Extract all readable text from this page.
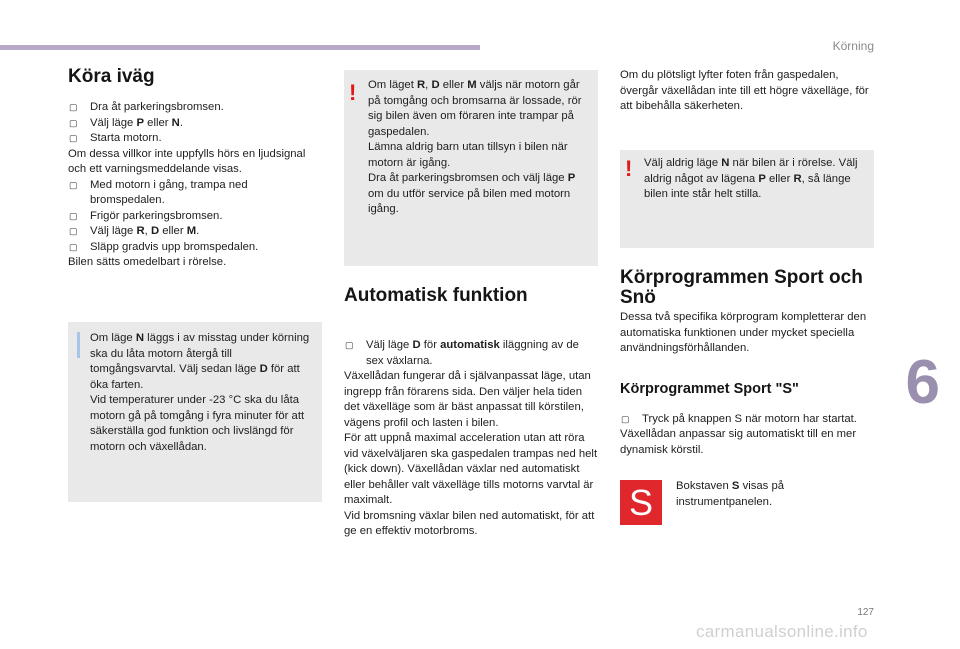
Körning
6
127
carmanualsonline.info
Köra iväg
▢ Dra åt parkeringsbromsen.
▢ Välj läge P eller N.
▢ Starta motorn.

Om dessa villkor inte uppfylls hörs en ljudsignal och ett varningsmeddelande visas.

▢ Med motorn i gång, trampa ned
bromspedalen.
▢ Frigör parkeringsbromsen.
▢ Välj läge R, D eller M.
▢ Släpp gradvis upp bromspedalen.

Bilen sätts omedelbart i rörelse.

Om läge N läggs i av misstag under körning ska du låta motorn återgå till tomgångsvarvtal. Välj sedan läge D för att öka farten.

Vid temperaturer under -23 °C ska du låta motorn gå på tomgång i fyra minuter för att säkerställa god funktion och livslängd för motorn och växellådan.

! Om läget R, D eller M väljs när motorn går på tomgång och bromsarna är lossade, rör sig bilen även om föraren inte trampar på gaspedalen.

Lämna aldrig barn utan tillsyn i bilen när motorn är igång.

Dra åt parkeringsbromsen och välj läge P om du utför service på bilen med motorn igång.

Automatisk funktion
▢ Välj läge D för automatisk iläggning av de sex växlarna.

Växellådan fungerar då i självanpassat läge, utan ingrepp från förarens sida. Den väljer hela tiden det växelläge som är bäst anpassat till körstilen, vägens profil och lasten i bilen.

För att uppnå maximal acceleration utan att röra vid växelväljaren ska gaspedalen trampas ned helt (kick down). Växellådan växlar ned automatiskt eller behåller valt växelläge tills motorns varvtal är maximalt.

Vid bromsning växlar bilen ned automatiskt, för att ge en effektiv motorbroms.

Om du plötsligt lyfter foten från gaspedalen, övergår växellådan inte till ett högre växelläge, för att bibehålla säkerheten.

! Välj aldrig läge N när bilen är i rörelse. Välj aldrig något av lägena P eller R, så länge bilen inte står helt stilla.

Körprogrammen Sport och Snö

Dessa två specifika körprogram kompletterar den automatiska funktionen under mycket speciella användningsförhållanden.

Körprogrammet Sport "S"
▢ Tryck på knappen S när motorn har startat.

Växellådan anpassar sig automatiskt till en mer dynamisk körstil.

S	Bokstaven S visas på instrumentpanelen.
